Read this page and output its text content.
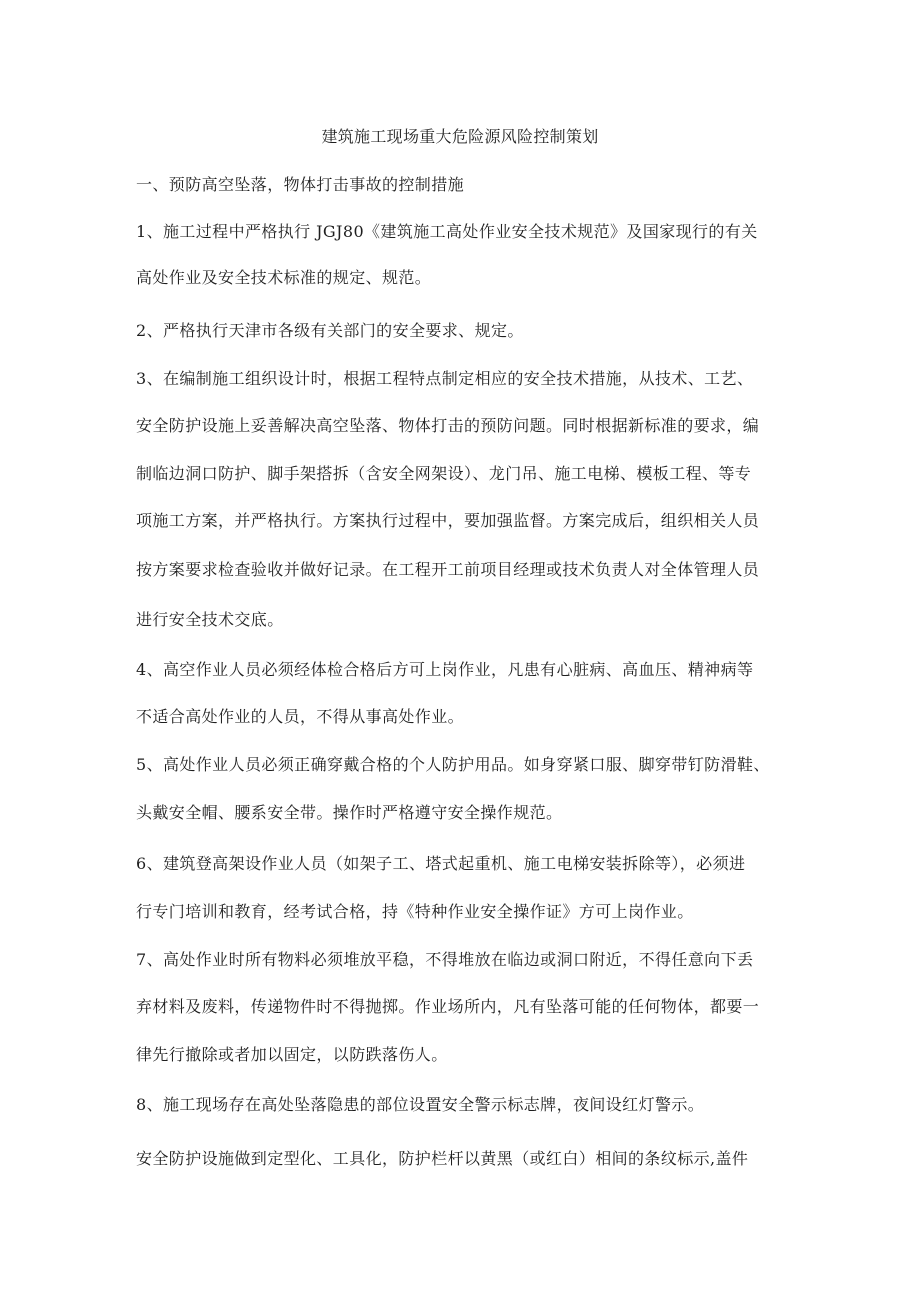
建筑施工现场重大危险源风险控制策划

一、预防高空坠落，物体打击事故的控制措施

1、施工过程中严格执行 JGJ80《建筑施工高处作业安全技术规范》及国家现行的有关

高处作业及安全技术标准的规定、规范。

2、严格执行天津市各级有关部门的安全要求、规定。

3、在编制施工组织设计时，根据工程特点制定相应的安全技术措施，从技术、工艺、

安全防护设施上妥善解决高空坠落、物体打击的预防问题。同时根据新标准的要求，编

制临边洞口防护、脚手架搭拆（含安全网架设）、龙门吊、施工电梯、模板工程、等专

项施工方案，并严格执行。方案执行过程中，要加强监督。方案完成后，组织相关人员

按方案要求检查验收并做好记录。在工程开工前项目经理或技术负责人对全体管理人员

进行安全技术交底。

4、高空作业人员必须经体检合格后方可上岗作业，凡患有心脏病、高血压、精神病等

不适合高处作业的人员，不得从事高处作业。

5、高处作业人员必须正确穿戴合格的个人防护用品。如身穿紧口服、脚穿带钉防滑鞋、

头戴安全帽、腰系安全带。操作时严格遵守安全操作规范。

6、建筑登高架设作业人员（如架子工、塔式起重机、施工电梯安装拆除等），必须进

行专门培训和教育，经考试合格，持《特种作业安全操作证》方可上岗作业。

7、高处作业时所有物料必须堆放平稳，不得堆放在临边或洞口附近，不得任意向下丢

弃材料及废料，传递物件时不得抛掷。作业场所内，凡有坠落可能的任何物体，都要一

律先行撤除或者加以固定，以防跌落伤人。

8、施工现场存在高处坠落隐患的部位设置安全警示标志牌，夜间设红灯警示。

安全防护设施做到定型化、工具化，防护栏杆以黄黑（或红白）相间的条纹标示,盖件
